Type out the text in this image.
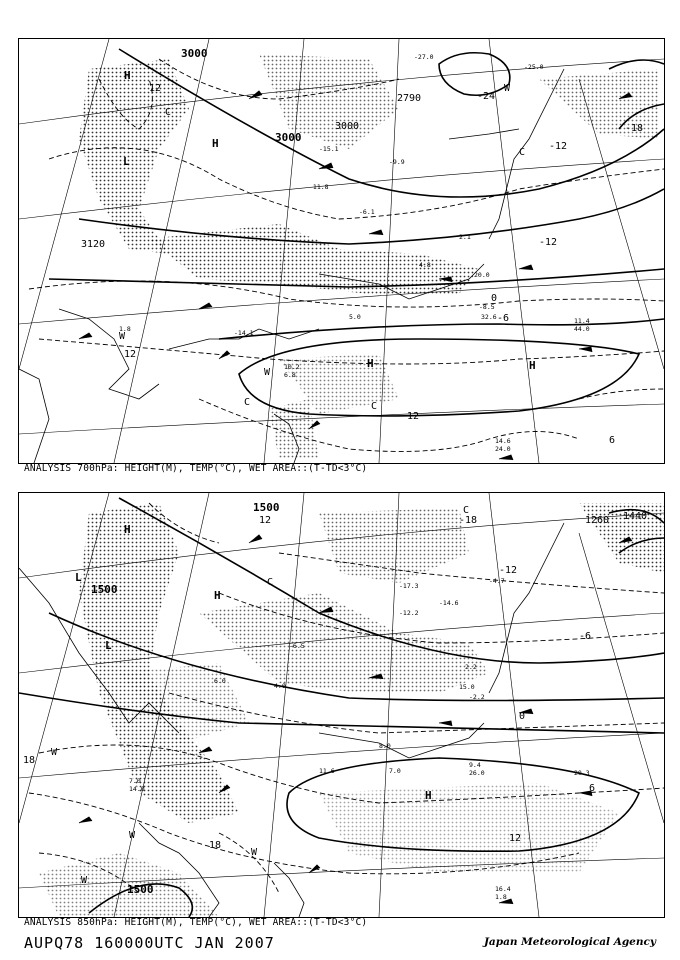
3000
3000
2790
3120
3000
12
-12
-6
0
-12
-18
-24
12
12
6
H
H
L
H	H
C
C
C	C
W
W
W
-27.0
-25.0
-15.1
-9.9
-11.8
-6.1
2.1
4.8
11.4
44.0
14.6
24.0
10.2
6.8
-14.1
5.0
20.0
-8.5
32.6
1.8
ANALYSIS 700hPa: HEIGHT(M), TEMP(°C), WET AREA::(T-TD<3°C)
1500
1500
1260
1500
1440
12
18
18
12
6
0
-6
-12
-18
H
H
L
L
H
C
C
W
W
W
W
-17.3
-14.6
-12.2
-6.5
4.0
8.0
11.6	7.0
16.4
20.3
9.4
26.0
-2.2
15.0
6.0
7.0
14.0
1.8
-4.7
2.2
ANALYSIS 850hPa: HEIGHT(M), TEMP(°C), WET AREA::(T-TD<3°C)
AUPQ78 160000UTC JAN 2007	Japan Meteorological Agency
